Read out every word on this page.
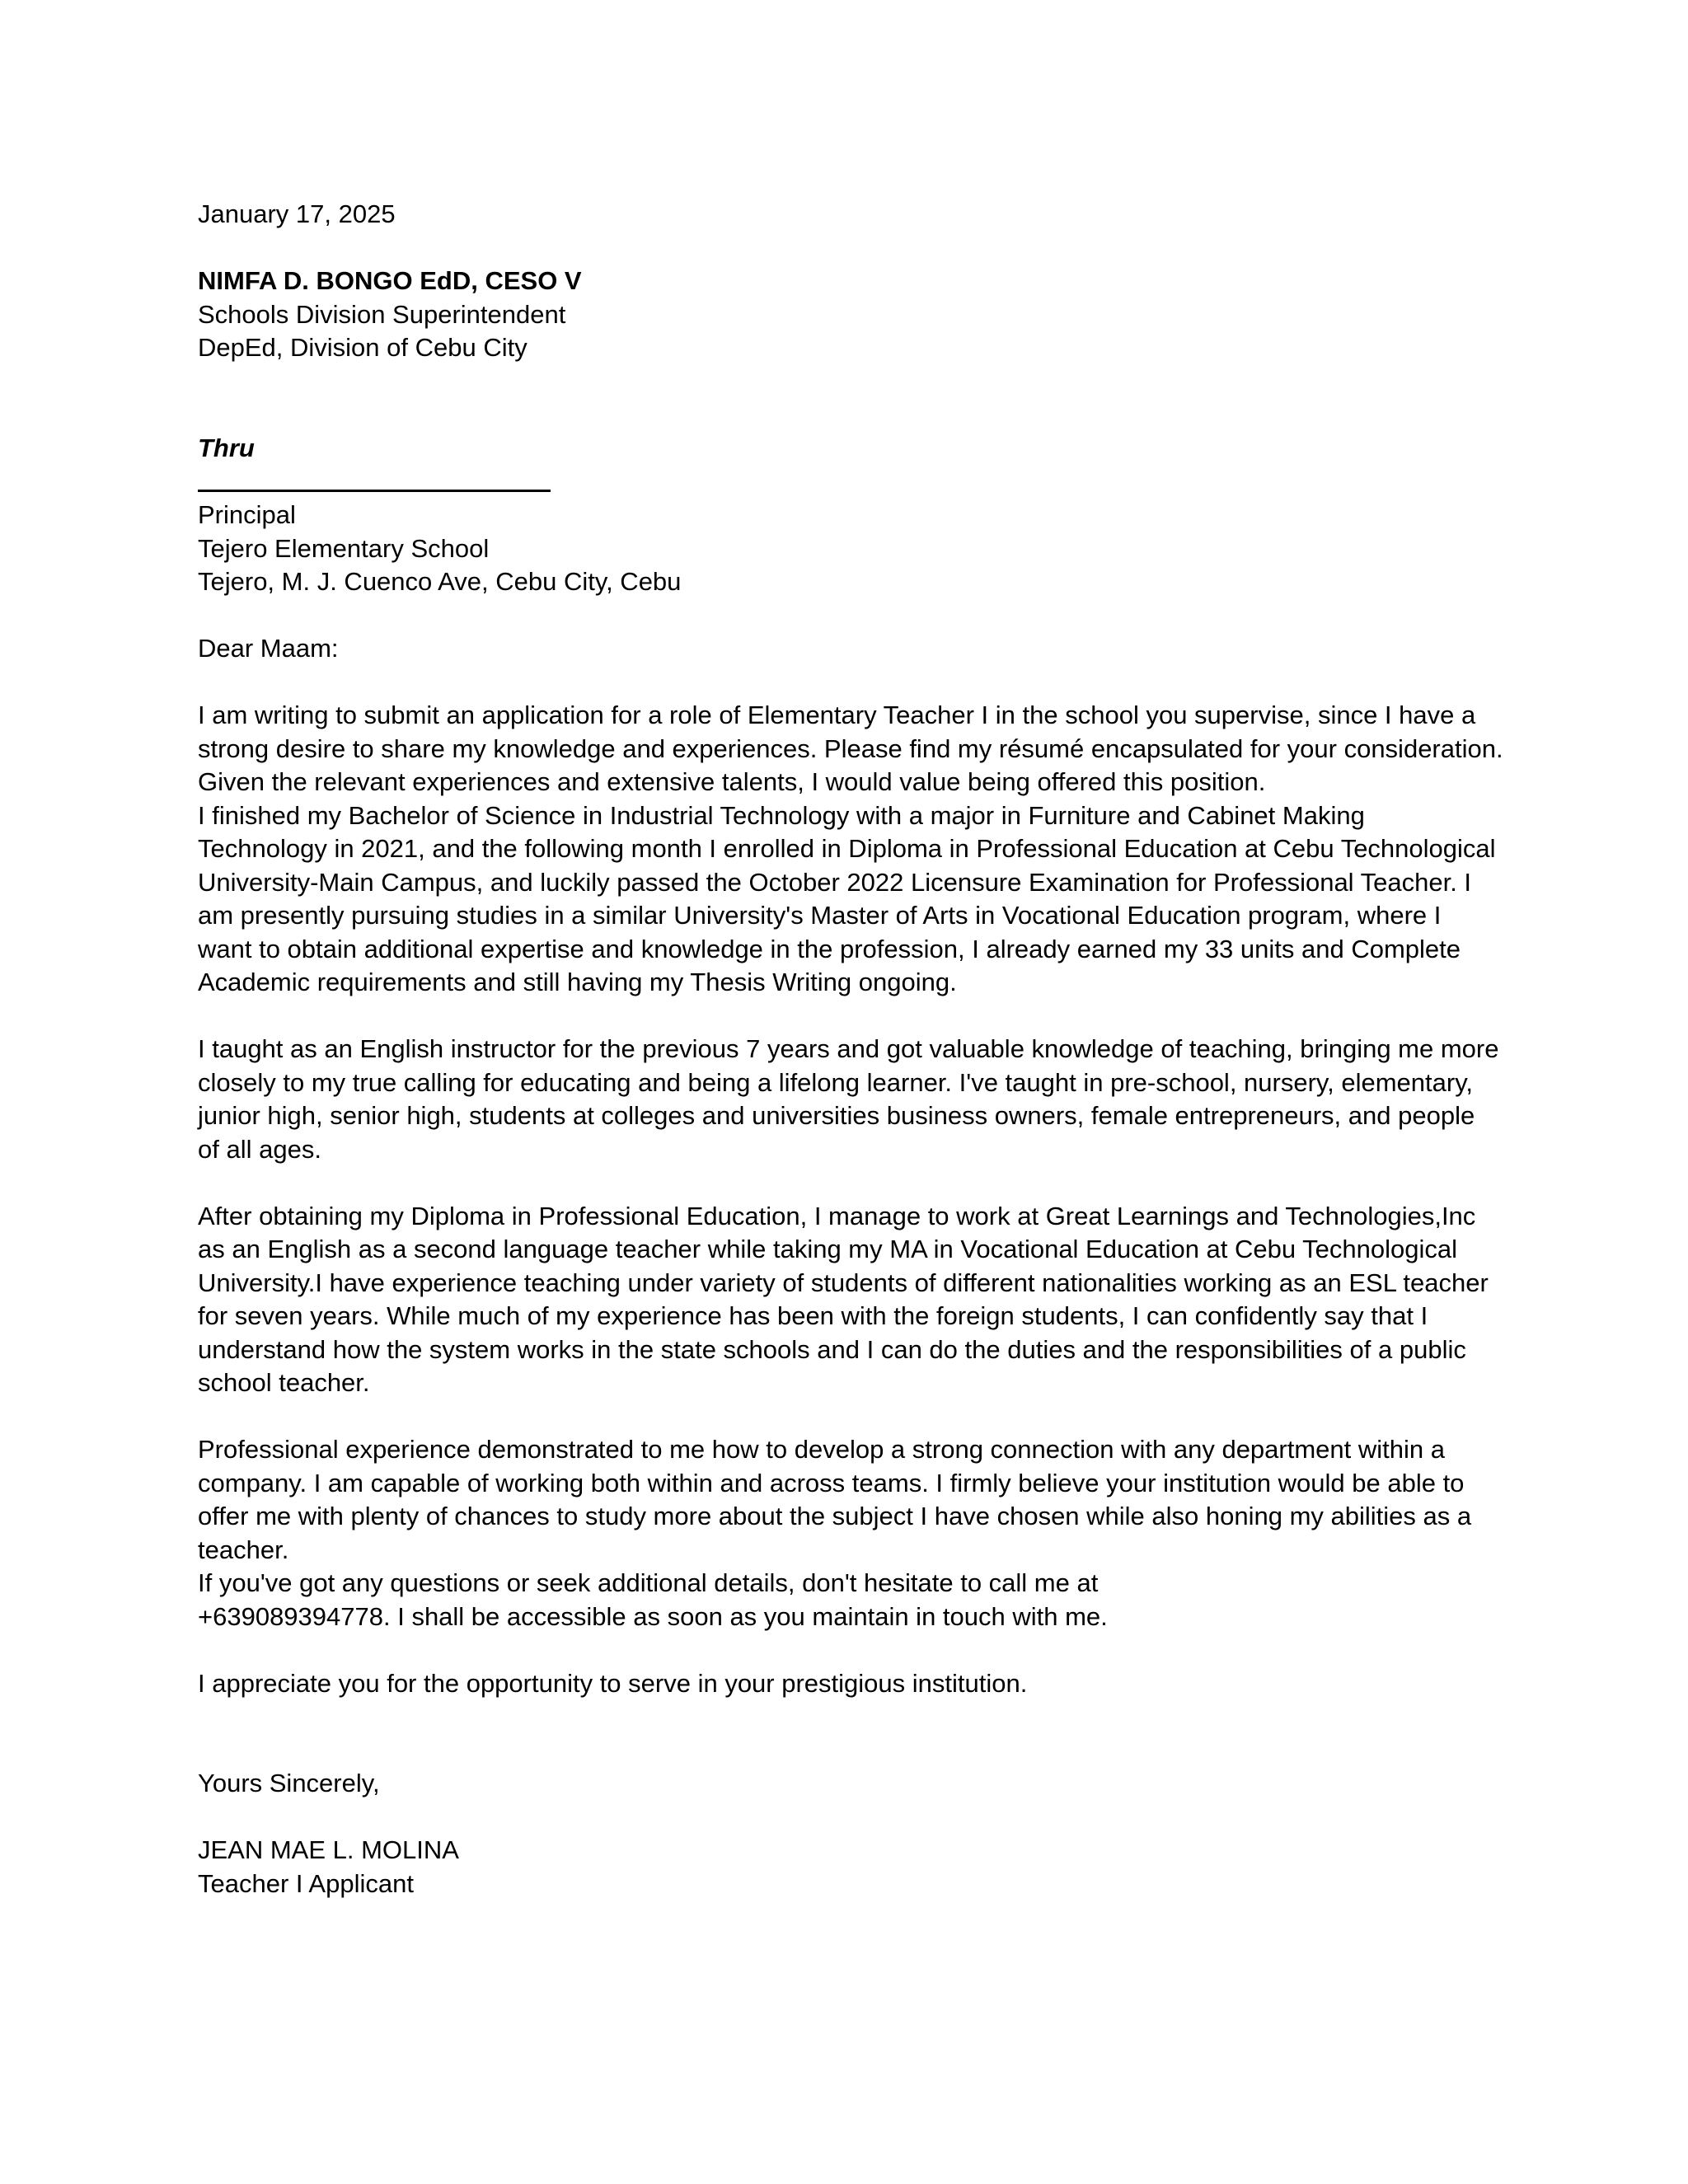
January 17, 2025
NIMFA D. BONGO EdD, CESO V
Schools Division Superintendent
DepEd, Division of Cebu City
Thru
Principal
Tejero Elementary School
Tejero, M. J. Cuenco Ave, Cebu City, Cebu
Dear Maam:
I am writing to submit an application for a role of Elementary Teacher I in the school you supervise, since I have a
strong desire to share my knowledge and experiences. Please find my résumé encapsulated for your consideration.
Given the relevant experiences and extensive talents, I would value being offered this position.
I finished my Bachelor of Science in Industrial Technology with a major in Furniture and Cabinet Making
Technology in 2021, and the following month I enrolled in Diploma in Professional Education at Cebu Technological
University-Main Campus, and luckily passed the October 2022 Licensure Examination for Professional Teacher. I
am presently pursuing studies in a similar University's Master of Arts in Vocational Education program, where I
want to obtain additional expertise and knowledge in the profession, I already earned my 33 units and Complete
Academic requirements and still having my Thesis Writing ongoing.
I taught as an English instructor for the previous 7 years and got valuable knowledge of teaching, bringing me more
closely to my true calling for educating and being a lifelong learner. I've taught in pre-school, nursery, elementary,
junior high, senior high, students at colleges and universities business owners, female entrepreneurs, and people
of all ages.
After obtaining my Diploma in Professional Education, I manage to work at Great Learnings and Technologies,Inc
as an English as a second language teacher while taking my MA in Vocational Education at Cebu Technological
University.I have experience teaching under variety of students of different nationalities working as an ESL teacher
for seven years. While much of my experience has been with the foreign students, I can confidently say that I
understand how the system works in the state schools and I can do the duties and the responsibilities of a public
school teacher.
Professional experience demonstrated to me how to develop a strong connection with any department within a
company. I am capable of working both within and across teams. I firmly believe your institution would be able to
offer me with plenty of chances to study more about the subject I have chosen while also honing my abilities as a
teacher.
If you've got any questions or seek additional details, don't hesitate to call me at
+639089394778. I shall be accessible as soon as you maintain in touch with me.
I appreciate you for the opportunity to serve in your prestigious institution.
Yours Sincerely,
JEAN MAE L. MOLINA
Teacher I Applicant
